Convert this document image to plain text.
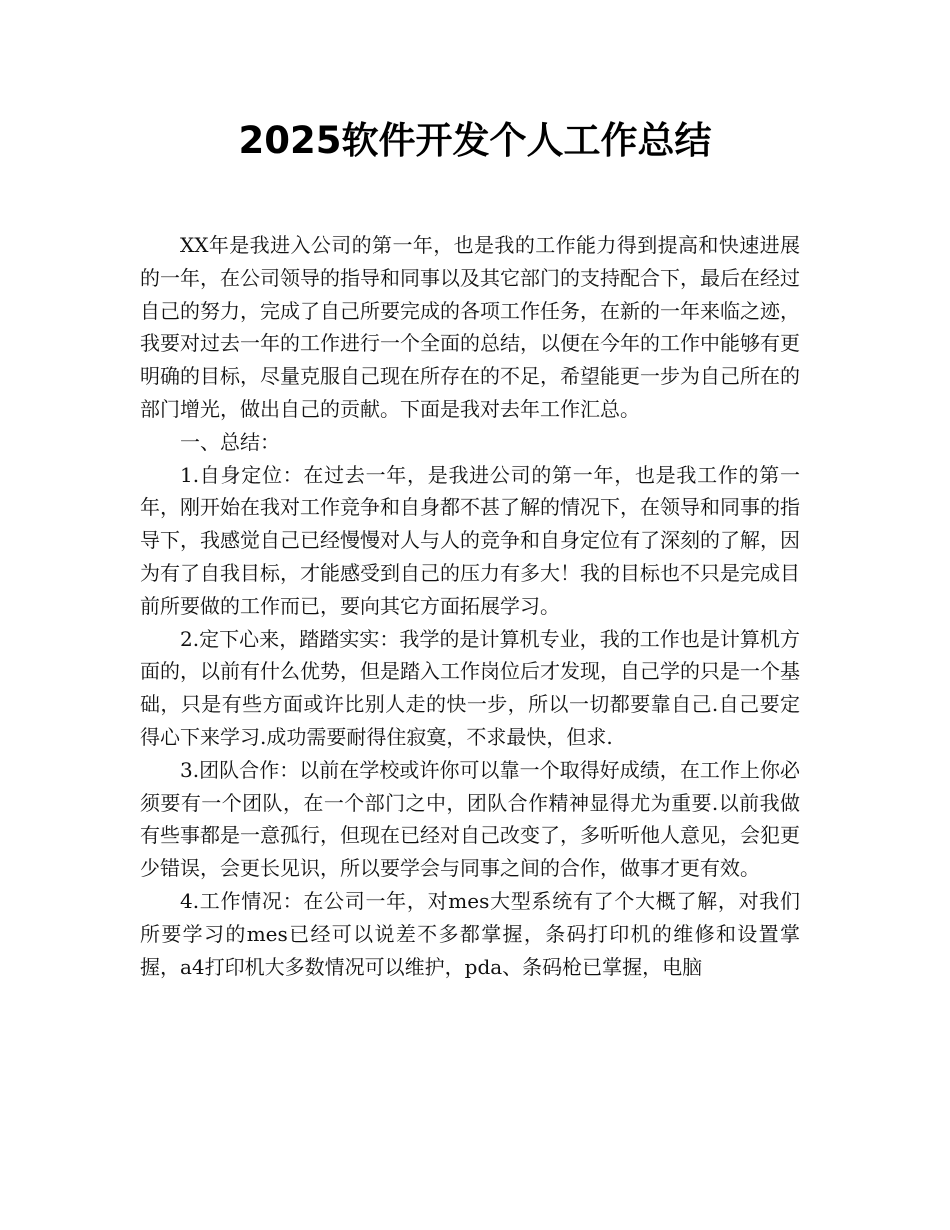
2025软件开发个人工作总结

XX年是我进入公司的第一年，也是我的工作能力得到提高和快速进展的一年，在公司领导的指导和同事以及其它部门的支持配合下，最后在经过自己的努力，完成了自己所要完成的各项工作任务，在新的一年来临之迹，我要对过去一年的工作进行一个全面的总结，以便在今年的工作中能够有更明确的目标，尽量克服自己现在所存在的不足，希望能更一步为自己所在的部门增光，做出自己的贡献。下面是我对去年工作汇总。

一、总结：

1.自身定位：在过去一年，是我进公司的第一年，也是我工作的第一年，刚开始在我对工作竞争和自身都不甚了解的情况下，在领导和同事的指导下，我感觉自己已经慢慢对人与人的竞争和自身定位有了深刻的了解，因为有了自我目标，才能感受到自己的压力有多大！我的目标也不只是完成目前所要做的工作而已，要向其它方面拓展学习。

2.定下心来，踏踏实实：我学的是计算机专业，我的工作也是计算机方面的，以前有什么优势，但是踏入工作岗位后才发现，自己学的只是一个基础，只是有些方面或许比别人走的快一步，所以一切都要靠自己.自己要定得心下来学习.成功需要耐得住寂寞，不求最快，但求.

3.团队合作：以前在学校或许你可以靠一个取得好成绩，在工作上你必须要有一个团队，在一个部门之中，团队合作精神显得尤为重要.以前我做有些事都是一意孤行，但现在已经对自己改变了，多听听他人意见，会犯更少错误，会更长见识，所以要学会与同事之间的合作，做事才更有效。

4.工作情况：在公司一年，对mes大型系统有了个大概了解，对我们所要学习的mes已经可以说差不多都掌握，条码打印机的维修和设置掌握，a4打印机大多数情况可以维护，pda、条码枪已掌握，电脑
